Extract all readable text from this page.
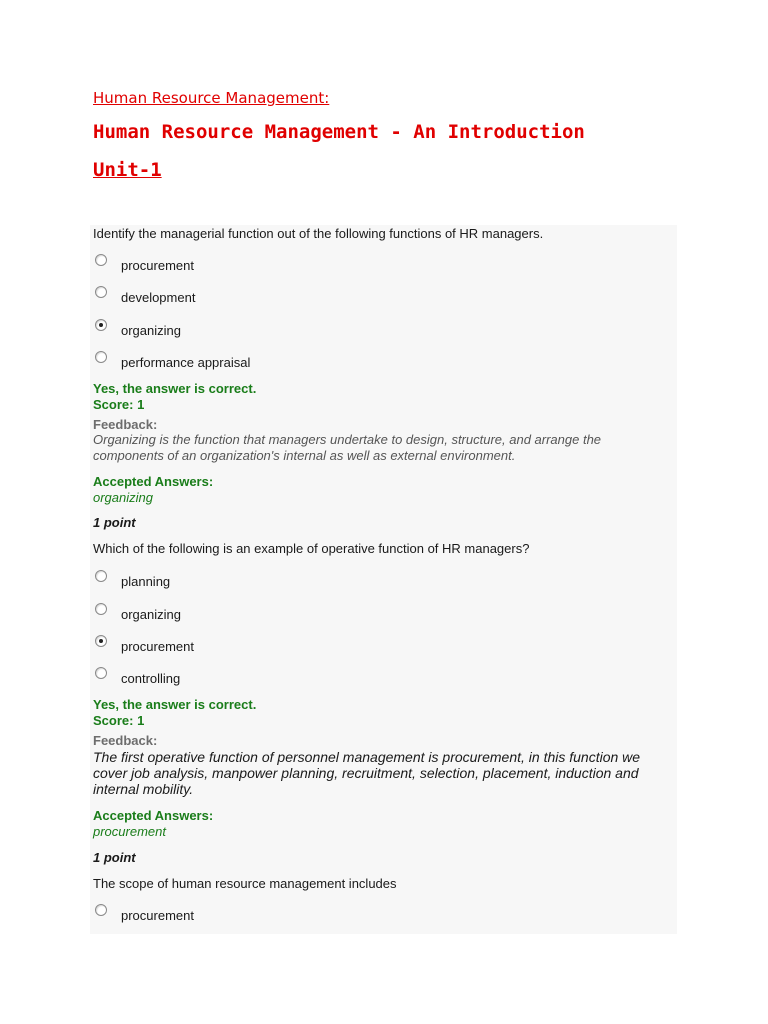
Human Resource Management:
Human Resource Management - An Introduction
Unit-1
Identify the managerial function out of the following functions of HR managers.
procurement
development
organizing
performance appraisal
Yes, the answer is correct.
Score: 1
Feedback:
Organizing is the function that managers undertake to design, structure, and arrange the components of an organization's internal as well as external environment.
Accepted Answers:
organizing
1 point
Which of the following is an example of operative function of HR managers?
planning
organizing
procurement
controlling
Yes, the answer is correct.
Score: 1
Feedback:
The first operative function of personnel management is procurement, in this function we cover job analysis, manpower planning, recruitment, selection, placement, induction and internal mobility.
Accepted Answers:
procurement
1 point
The scope of human resource management includes
procurement
